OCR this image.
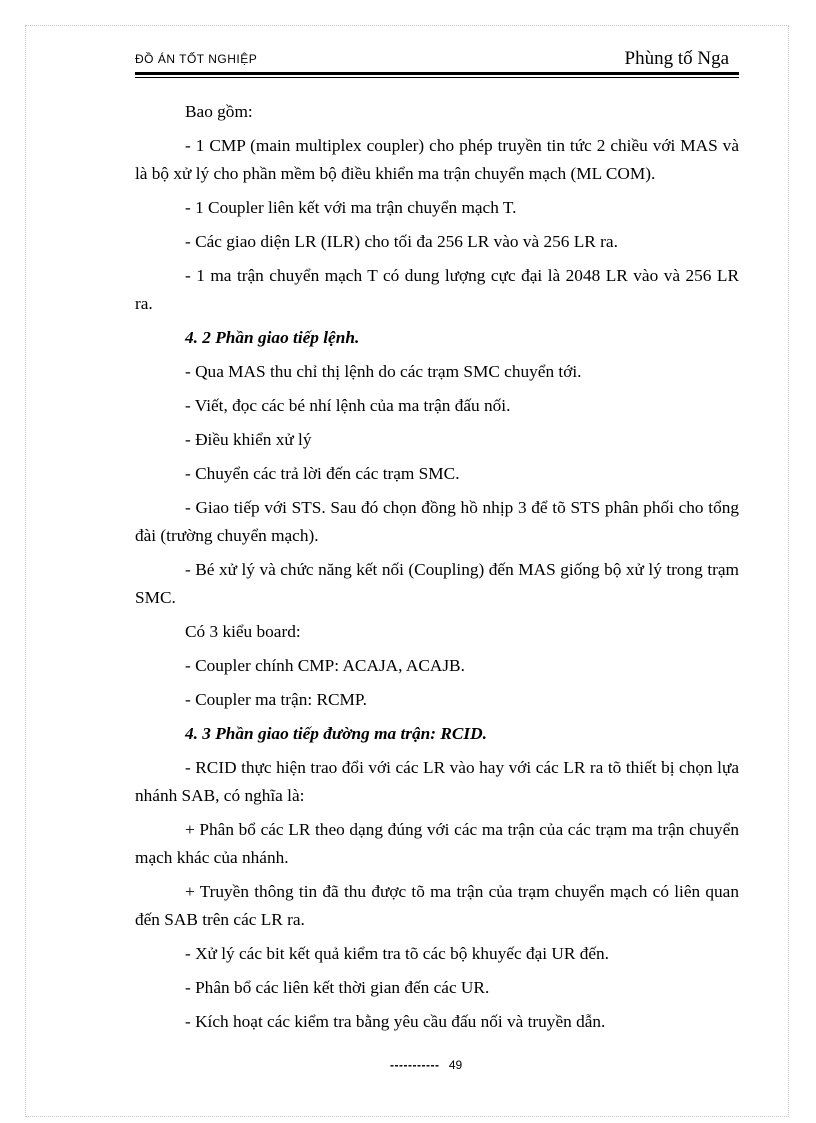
ĐỒ ÁN TỐT NGHIỆP	Phùng tố Nga

Bao gồm:

- 1 CMP (main multiplex coupler) cho phép truyền tin tức 2 chiều với MAS và là bộ xử lý cho phần mềm bộ điều khiển ma trận chuyển mạch (ML COM).

- 1 Coupler liên kết với ma trận chuyển mạch T.

- Các giao diện LR (ILR) cho tối đa 256 LR vào và 256 LR ra.

- 1 ma trận chuyển mạch T có dung lượng cực đại là 2048 LR vào và 256 LR ra.

4. 2 Phần giao tiếp lệnh.

- Qua MAS thu chỉ thị lệnh do các trạm SMC chuyển tới.

- Viết, đọc các bé nhí lệnh của ma trận đấu nối.

- Điều khiển xử lý

- Chuyển các trả lời đến các trạm SMC.

- Giao tiếp với STS. Sau đó chọn đồng hồ nhịp 3 để tõ STS phân phối cho tổng đài (trường chuyển mạch).

- Bé xử lý và chức năng kết nối (Coupling) đến MAS giống bộ xử lý trong trạm SMC.

Có 3 kiểu board:

- Coupler chính CMP: ACAJA, ACAJB.

- Coupler ma trận: RCMP.

4. 3 Phần giao tiếp đường ma trận: RCID.

- RCID thực hiện trao đổi với các LR vào hay với các LR ra tõ thiết bị chọn lựa nhánh SAB, có nghĩa là:

+ Phân bổ các LR theo dạng đúng với các ma trận của các trạm ma trận chuyển mạch khác của nhánh.

+ Truyền thông tin đã thu được tõ ma trận của trạm chuyển mạch có liên quan đến SAB trên các LR ra.

- Xử lý các bit kết quả kiểm tra tõ các bộ khuyếc đại UR đến.

- Phân bổ các liên kết thời gian đến các UR.

- Kích hoạt các kiểm tra bằng yêu cầu đấu nối và truyền dẫn.

----------- 49
